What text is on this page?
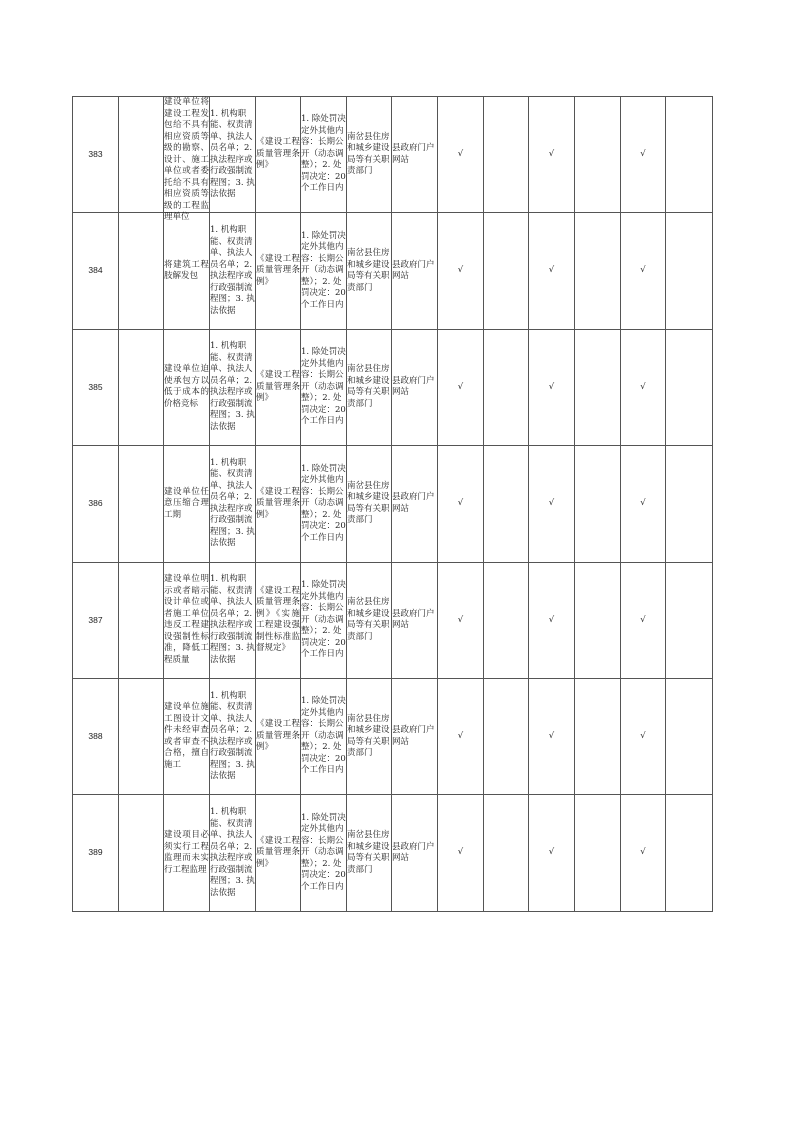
383		建设单位将建设工程发包给不具有相应资质等级的勘察、设计、施工单位或者委托给不具有相应资质等级的工程监理单位	1. 机构职能、权责清单、执法人员名单；2. 执法程序或行政强制流程图；3. 执法依据	《建设工程质量管理条例》	1. 除处罚决定外其他内容：长期公开（动态调整）；2. 处罚决定：20个工作日内	南岔县住房和城乡建设局等有关职责部门	县政府门户网站	√		√		√	
384		将建筑工程肢解发包	1. 机构职能、权责清单、执法人员名单；2. 执法程序或行政强制流程图；3. 执法依据	《建设工程质量管理条例》	1. 除处罚决定外其他内容：长期公开（动态调整）；2. 处罚决定：20个工作日内	南岔县住房和城乡建设局等有关职责部门	县政府门户网站	√		√		√	
385		建设单位迫使承包方以低于成本的价格竞标	1. 机构职能、权责清单、执法人员名单；2. 执法程序或行政强制流程图；3. 执法依据	《建设工程质量管理条例》	1. 除处罚决定外其他内容：长期公开（动态调整）；2. 处罚决定：20个工作日内	南岔县住房和城乡建设局等有关职责部门	县政府门户网站	√		√		√	
386		建设单位任意压缩合理工期	1. 机构职能、权责清单、执法人员名单；2. 执法程序或行政强制流程图；3. 执法依据	《建设工程质量管理条例》	1. 除处罚决定外其他内容：长期公开（动态调整）；2. 处罚决定：20个工作日内	南岔县住房和城乡建设局等有关职责部门	县政府门户网站	√		√		√	
387		建设单位明示或者暗示设计单位或者施工单位违反工程建设强制性标准，降低工程质量	1. 机构职能、权责清单、执法人员名单；2. 执法程序或行政强制流程图；3. 执法依据	《建设工程质量管理条例》《实施工程建设强制性标准监督规定》	1. 除处罚决定外其他内容：长期公开（动态调整）；2. 处罚决定：20个工作日内	南岔县住房和城乡建设局等有关职责部门	县政府门户网站	√		√		√	
388		建设单位施工图设计文件未经审查或者审查不合格，擅自施工	1. 机构职能、权责清单、执法人员名单；2. 执法程序或行政强制流程图；3. 执法依据	《建设工程质量管理条例》	1. 除处罚决定外其他内容：长期公开（动态调整）；2. 处罚决定：20个工作日内	南岔县住房和城乡建设局等有关职责部门	县政府门户网站	√		√		√	
389		建设项目必须实行工程监理而未实行工程监理	1. 机构职能、权责清单、执法人员名单；2. 执法程序或行政强制流程图；3. 执法依据	《建设工程质量管理条例》	1. 除处罚决定外其他内容：长期公开（动态调整）；2. 处罚决定：20个工作日内	南岔县住房和城乡建设局等有关职责部门	县政府门户网站	√		√		√	
